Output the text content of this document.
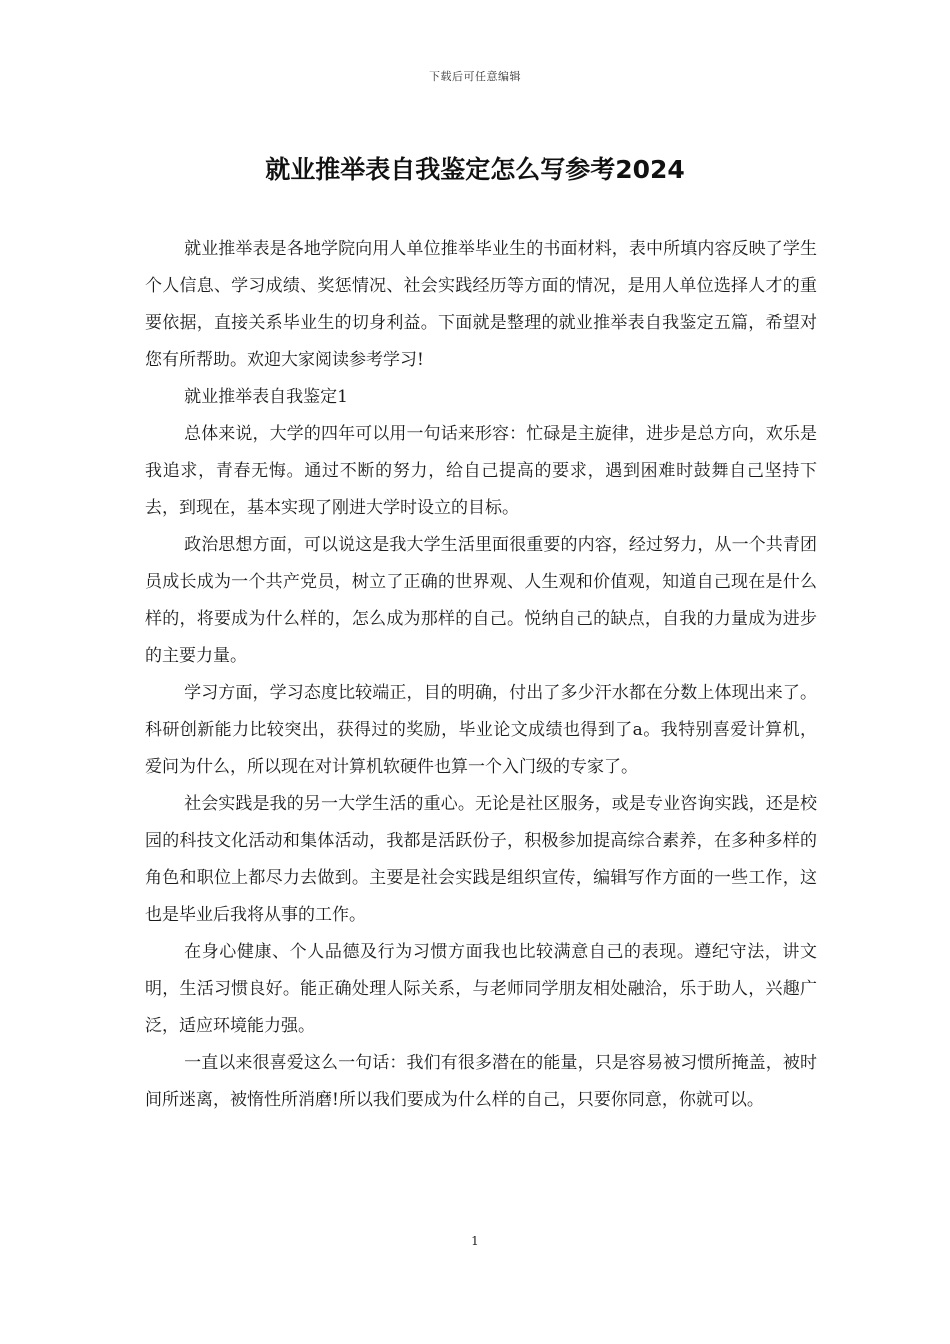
下载后可任意编辑
就业推举表自我鉴定怎么写参考2024

就业推举表是各地学院向用人单位推举毕业生的书面材料，表中所填内容反映了学生个人信息、学习成绩、奖惩情况、社会实践经历等方面的情况，是用人单位选择人才的重要依据，直接关系毕业生的切身利益。下面就是整理的就业推举表自我鉴定五篇，希望对您有所帮助。欢迎大家阅读参考学习!

就业推举表自我鉴定1

总体来说，大学的四年可以用一句话来形容：忙碌是主旋律，进步是总方向，欢乐是我追求，青春无悔。通过不断的努力，给自己提高的要求，遇到困难时鼓舞自己坚持下去，到现在，基本实现了刚进大学时设立的目标。

政治思想方面，可以说这是我大学生活里面很重要的内容，经过努力，从一个共青团员成长成为一个共产党员，树立了正确的世界观、人生观和价值观，知道自己现在是什么样的，将要成为什么样的，怎么成为那样的自己。悦纳自己的缺点，自我的力量成为进步的主要力量。

学习方面，学习态度比较端正，目的明确，付出了多少汗水都在分数上体现出来了。科研创新能力比较突出，获得过的奖励，毕业论文成绩也得到了a。我特别喜爱计算机，爱问为什么，所以现在对计算机软硬件也算一个入门级的专家了。

社会实践是我的另一大学生活的重心。无论是社区服务，或是专业咨询实践，还是校园的科技文化活动和集体活动，我都是活跃份子，积极参加提高综合素养，在多种多样的角色和职位上都尽力去做到。主要是社会实践是组织宣传，编辑写作方面的一些工作，这也是毕业后我将从事的工作。

在身心健康、个人品德及行为习惯方面我也比较满意自己的表现。遵纪守法，讲文明，生活习惯良好。能正确处理人际关系，与老师同学朋友相处融洽，乐于助人，兴趣广泛，适应环境能力强。

一直以来很喜爱这么一句话：我们有很多潜在的能量，只是容易被习惯所掩盖，被时间所迷离，被惰性所消磨!所以我们要成为什么样的自己，只要你同意，你就可以。

1
